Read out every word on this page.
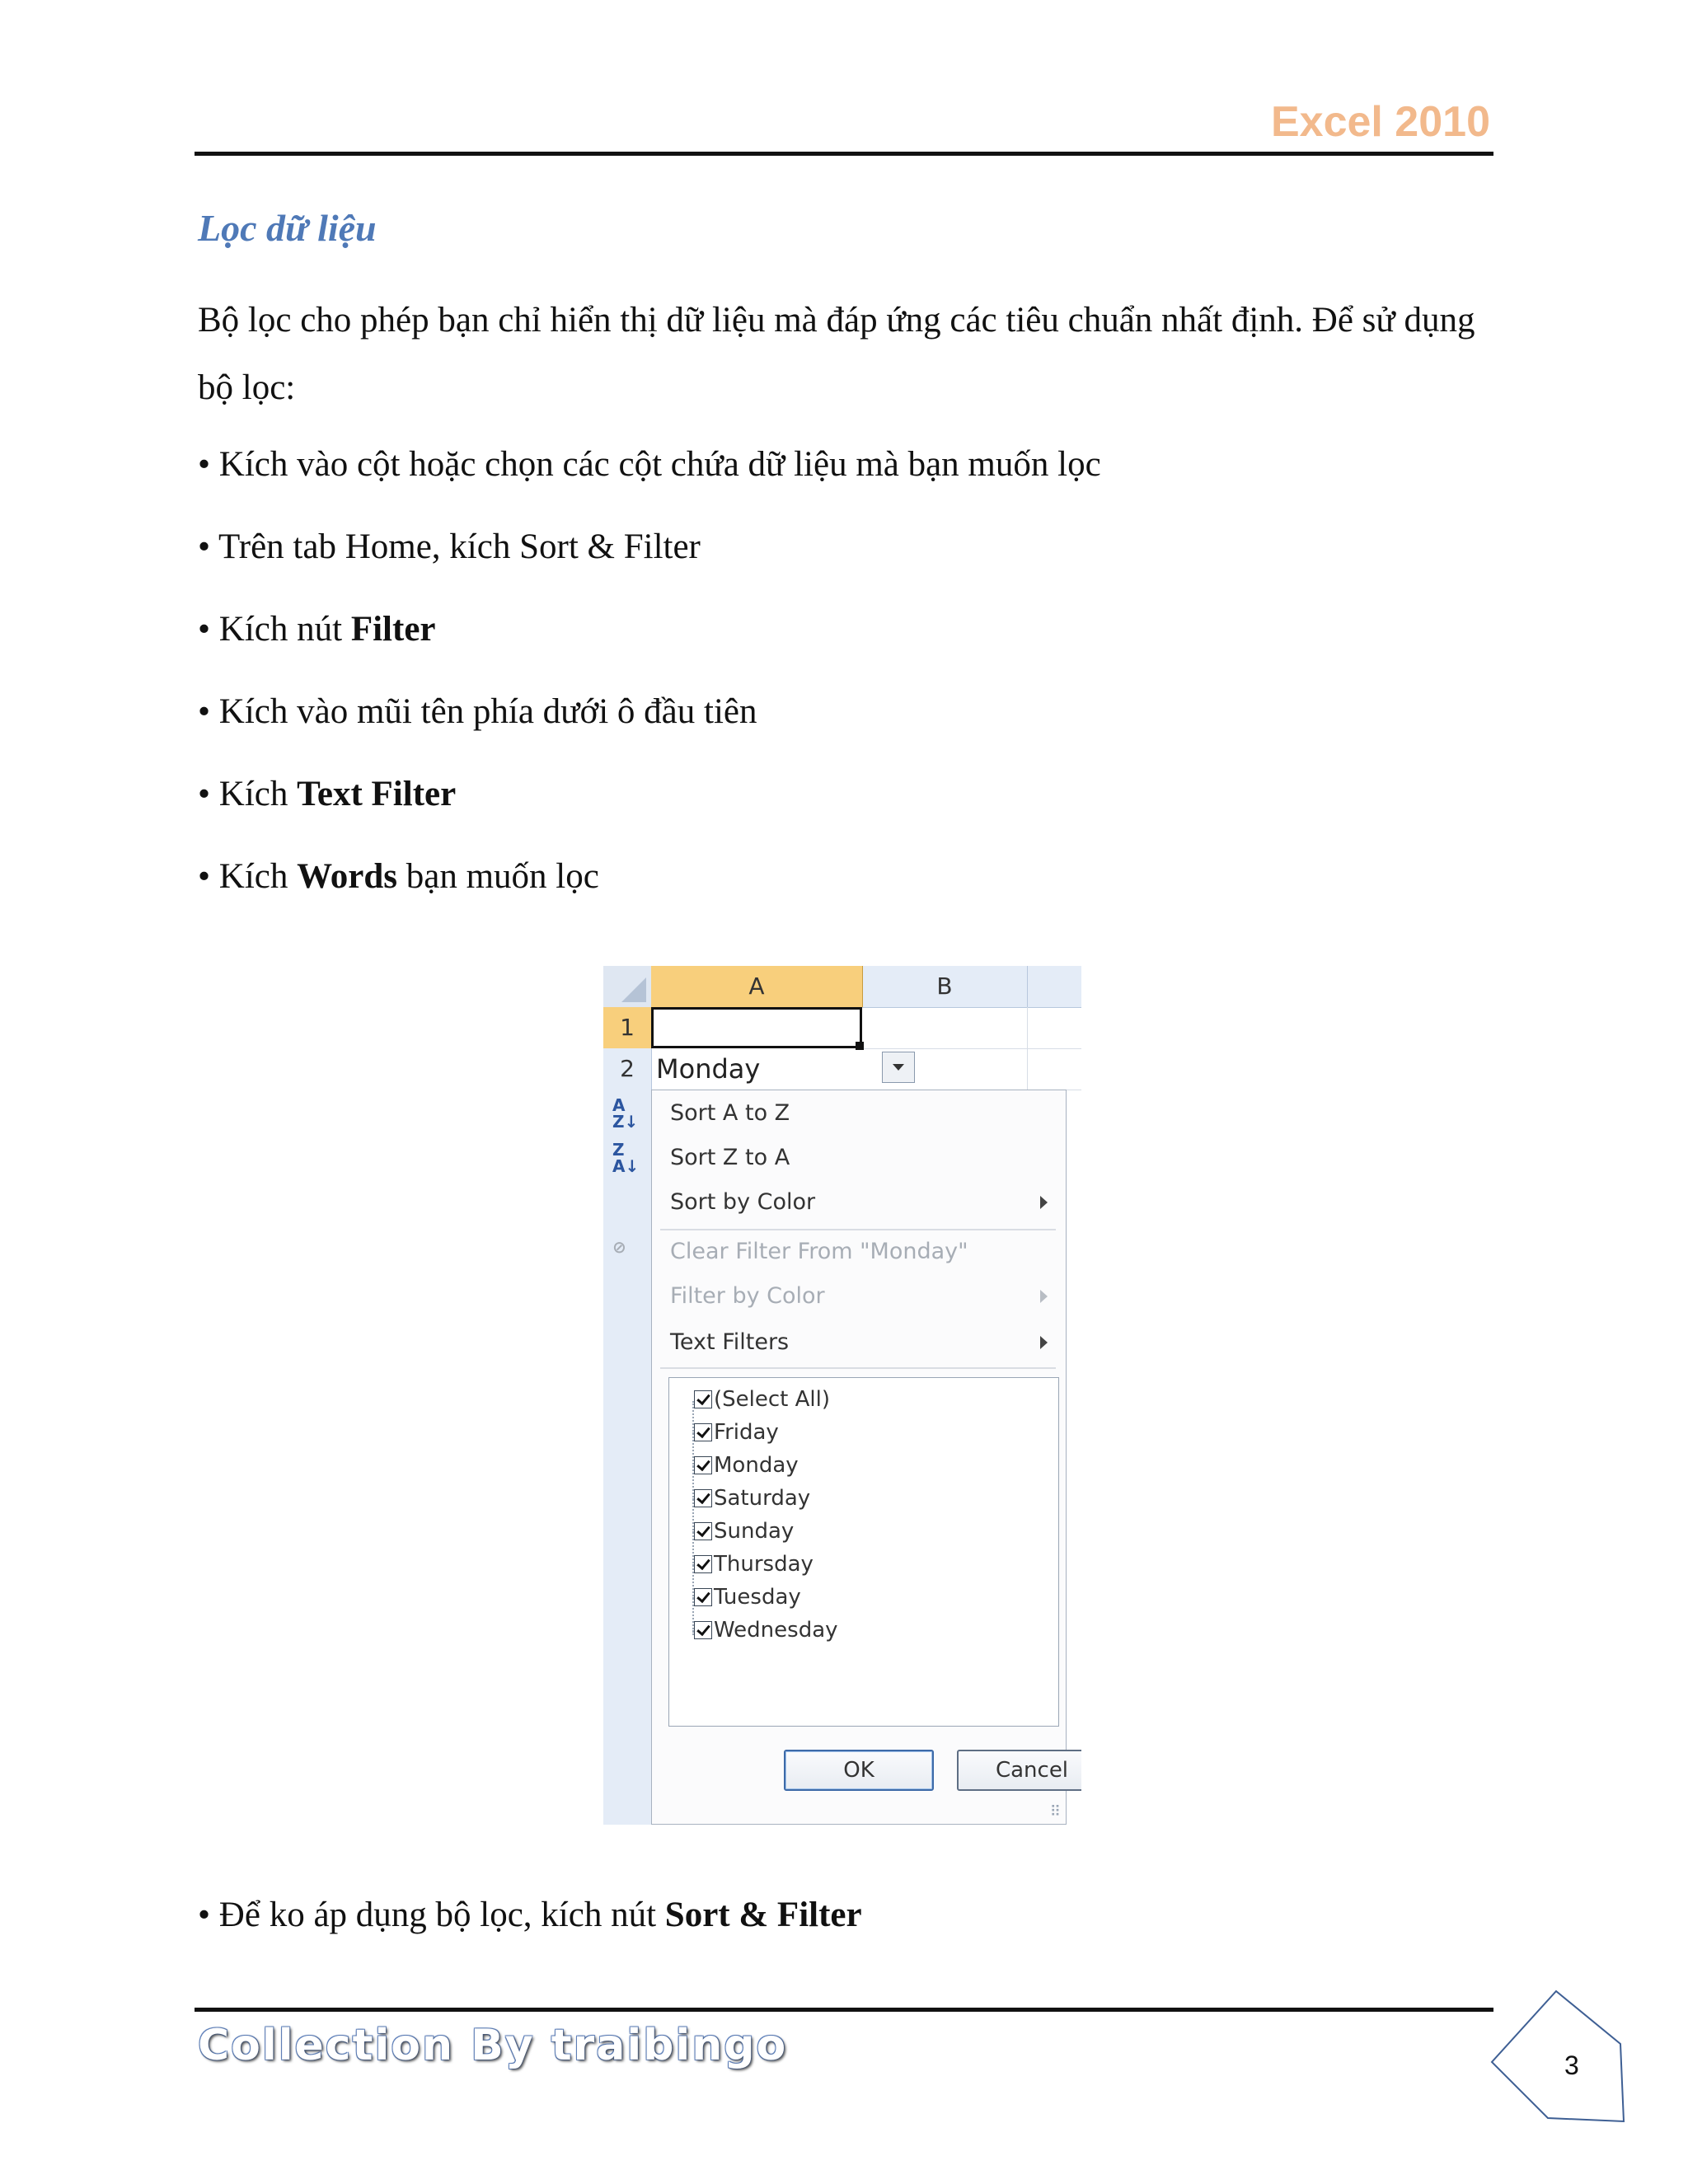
Excel 2010
Lọc dữ liệu
Bộ lọc cho phép bạn chỉ hiển thị dữ liệu mà đáp ứng các tiêu chuẩn nhất định. Để sử dụng bộ lọc:
• Kích vào cột hoặc chọn các cột chứa dữ liệu mà bạn muốn lọc
• Trên tab Home, kích Sort & Filter
• Kích nút Filter
• Kích vào mũi tên phía dưới ô đầu tiên
• Kích Text Filter
• Kích Words bạn muốn lọc
A	B
1
2 Monday
A
Z↓	Sort A to Z
Z
A↓ Sort Z to A
Sort by Color
⊘	Clear Filter From "Monday"
Filter by Color
Text Filters
(Select All)
Friday
Monday
Saturday
Sunday
Thursday
Tuesday
Wednesday
OK	Cancel
⠿
• Để ko áp dụng bộ lọc, kích nút Sort & Filter
Collection By traibingo	3
